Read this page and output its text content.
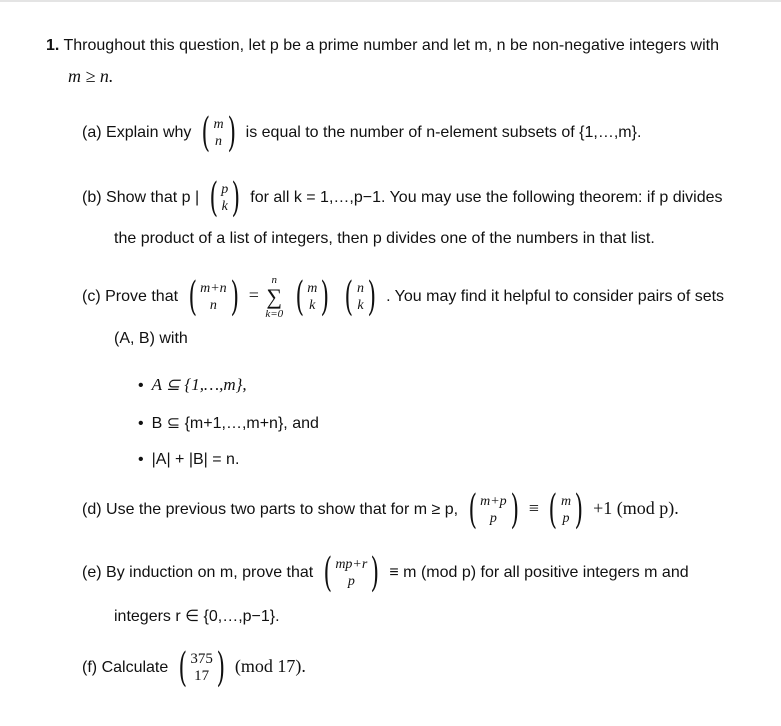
1. Throughout this question, let p be a prime number and let m, n be non-negative integers with
m ≥ n.
(a) Explain why ( m
n ) is equal to the number of n-element subsets of {1,…,m}.
(b) Show that p | ( p
k ) for all k = 1,…,p−1. You may use the following theorem: if p divides
the product of a list of integers, then p divides one of the numbers in that list.
(c) Prove that ( m+n
n ) =
n
∑
k=0
( m
k )
( n
k ) . You may find it helpful to consider pairs of sets
(A, B) with
• A ⊆ {1,…,m},
• B ⊆ {m+1,…,m+n}, and
• |A| + |B| = n.
(d) Use the previous two parts to show that for m ≥ p, ( m+p
p ) ≡ ( m
p ) +1 (mod p).
(e) By induction on m, prove that ( mp+r
p ) ≡ m (mod p) for all positive integers m and
integers r ∈ {0,…,p−1}.
(f) Calculate ( 375
17 ) (mod 17).
